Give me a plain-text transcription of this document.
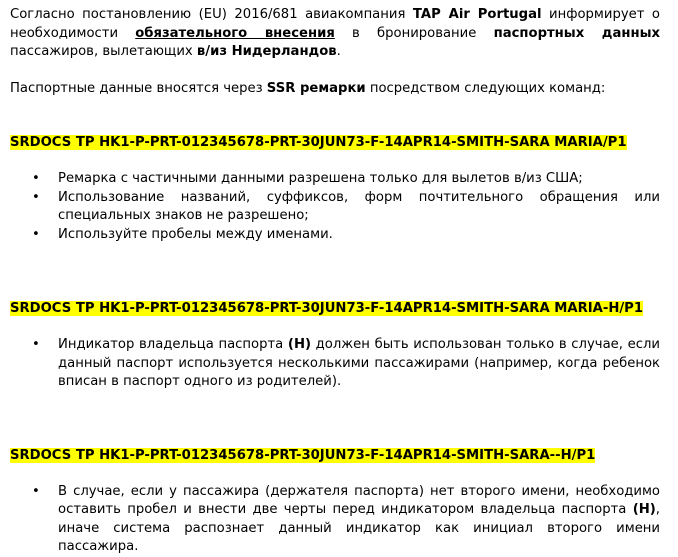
Согласно постановлению (EU) 2016/681 авиакомпания TAP Air Portugal информирует о необходимости обязательного внесения в бронирование паспортных данных пассажиров, вылетающих в/из Нидерландов.

Паспортные данные вносятся через SSR ремарки посредством следующих команд:

SRDOCS TP HK1-P-PRT-012345678-PRT-30JUN73-F-14APR14-SMITH-SARA MARIA/P1
• Ремарка с частичными данными разрешена только для вылетов в/из США;
• Использование названий, суффиксов, форм почтительного обращения или специальных знаков не разрешено;
• Используйте пробелы между именами.
SRDOCS TP HK1-P-PRT-012345678-PRT-30JUN73-F-14APR14-SMITH-SARA MARIA-H/P1
• Индикатор владельца паспорта (H) должен быть использован только в случае, если данный паспорт используется несколькими пассажирами (например, когда ребенок вписан в паспорт одного из родителей).
SRDOCS TP HK1-P-PRT-012345678-PRT-30JUN73-F-14APR14-SMITH-SARA--H/P1
• В случае, если у пассажира (держателя паспорта) нет второго имени, необходимо оставить пробел и внести две черты перед индикатором владельца паспорта (H), иначе система распознает данный индикатор как инициал второго имени пассажира.
